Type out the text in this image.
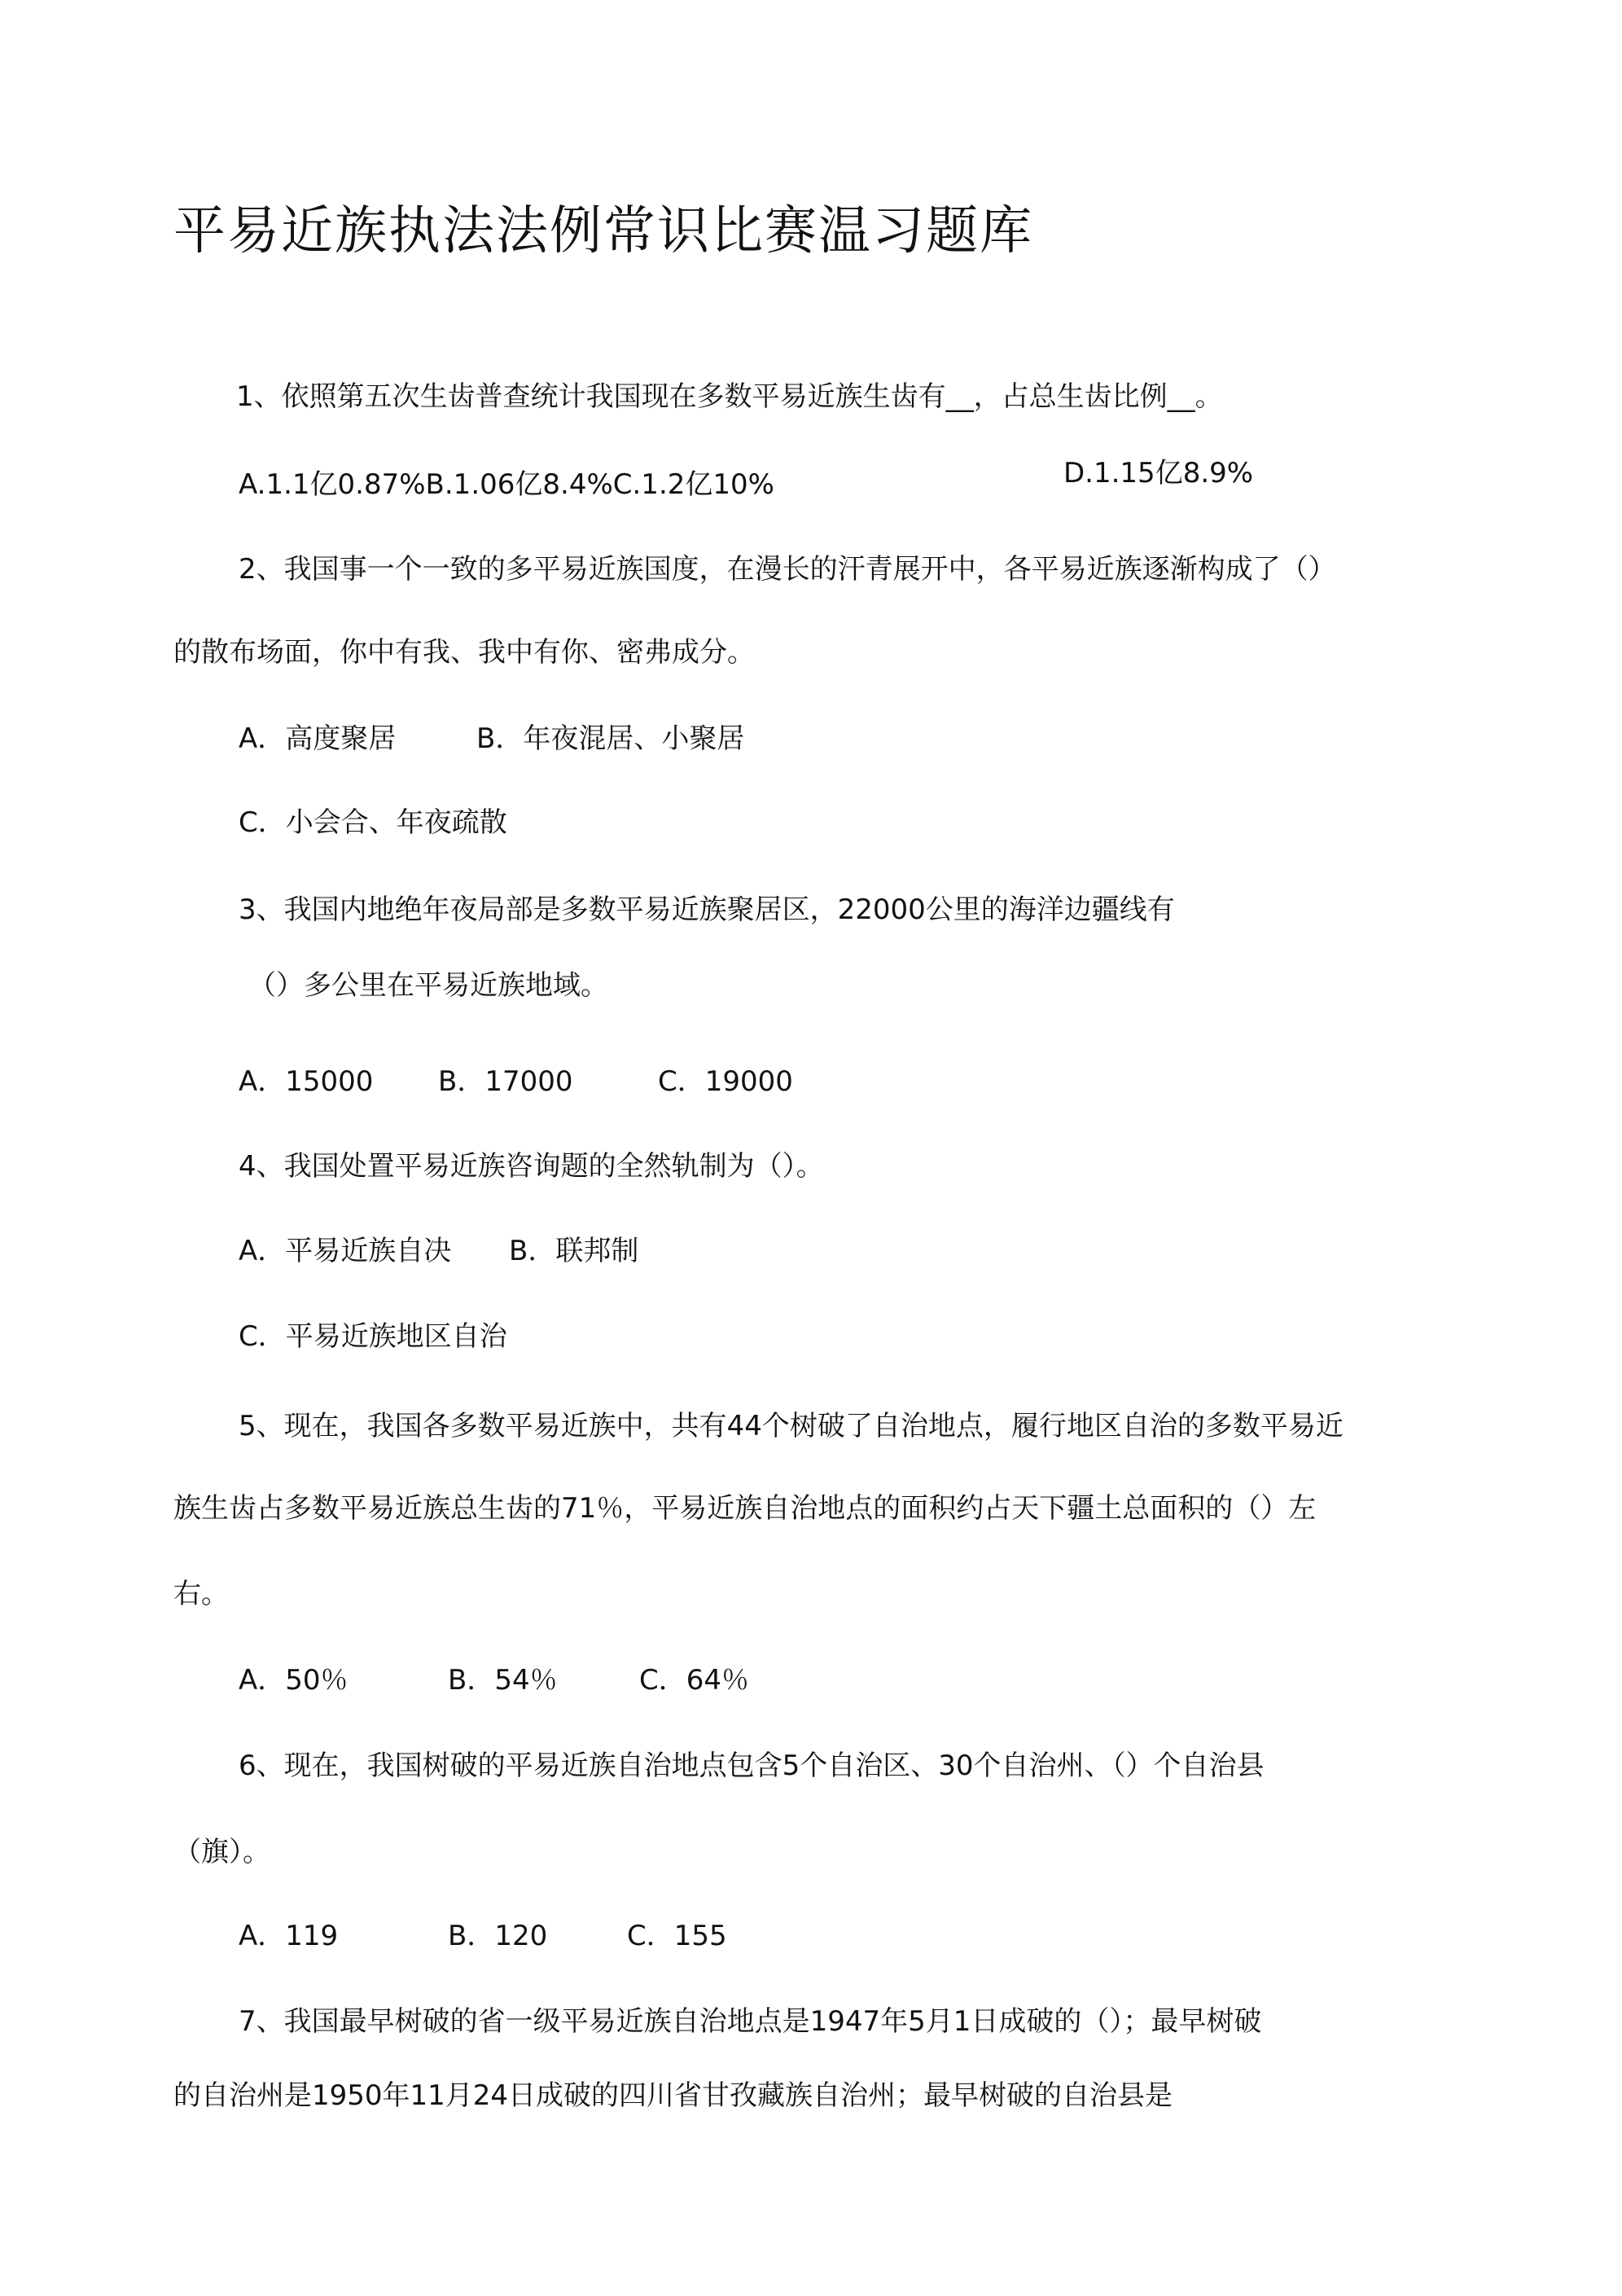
平易近族执法法例常识比赛温习题库
1、依照第五次生齿普查统计我国现在多数平易近族生齿有__，占总生齿比例__。
A.1.1亿0.87%B.1.06亿8.4%C.1.2亿10%	D.1.15亿8.9%
2、我国事一个一致的多平易近族国度，在漫长的汗青展开中，各平易近族逐渐构成了（）
的散布场面，你中有我、我中有你、密弗成分。
A．高度聚居	B．年夜混居、小聚居
C．小会合、年夜疏散
3、我国内地绝年夜局部是多数平易近族聚居区，22000公里的海洋边疆线有
（）多公里在平易近族地域。
A．15000 B．17000	C．19000
4、我国处置平易近族咨询题的全然轨制为（）。
A．平易近族自决 B．联邦制
C．平易近族地区自治
5、现在，我国各多数平易近族中，共有44个树破了自治地点，履行地区自治的多数平易近
族生齿占多数平易近族总生齿的71％，平易近族自治地点的面积约占天下疆土总面积的（）左
右。
A．50％	B．54％	C．64％
6、现在，我国树破的平易近族自治地点包含5个自治区、30个自治州、（）个自治县
（旗）。
A．119	B．120	C．155
7、我国最早树破的省一级平易近族自治地点是1947年5月1日成破的（）；最早树破
的自治州是1950年11月24日成破的四川省甘孜藏族自治州；最早树破的自治县是
